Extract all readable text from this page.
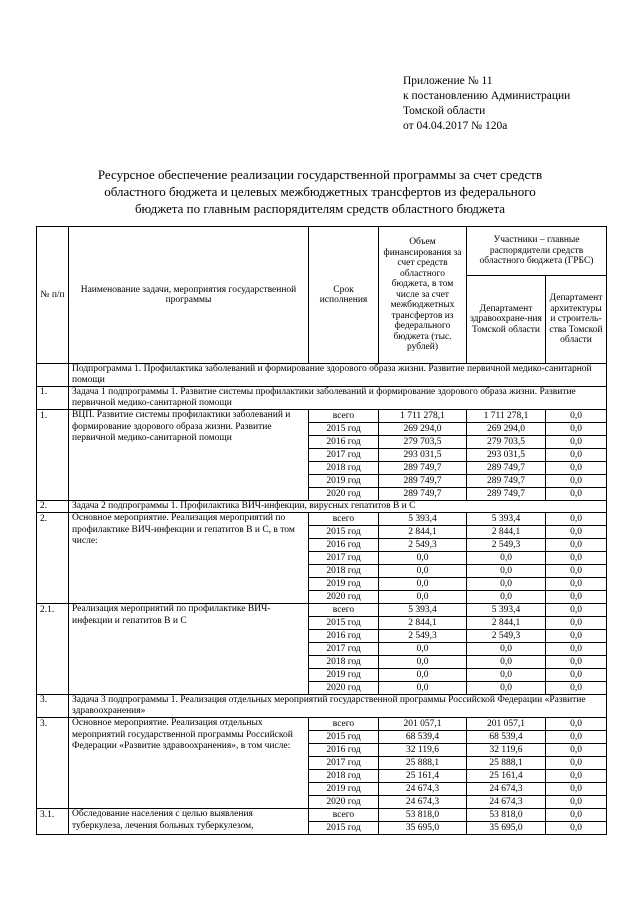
Приложение № 11
к постановлению Администрации
Томской области
от 04.04.2017 № 120а
Ресурсное обеспечение реализации государственной программы за счет средств
областного бюджета и целевых межбюджетных трансфертов из федерального
бюджета по главным распорядителям средств областного бюджета
№ п/п	Наименование задачи, мероприятия государственной программы	Срок исполнения	Объем финансирования за счет средств областного бюджета, в том числе за счет межбюджетных трансфертов из федерального бюджета (тыс. рублей)	Участники – главные распорядители средств областного бюджета (ГРБС)	
				Департамент здравоохране-ния Томской области	Департамент архитектуры и строитель-ства Томской области
	Подпрограмма 1. Профилактика заболеваний и формирование здорового образа жизни. Развитие первичной медико-санитарной помощи				
1.	Задача 1 подпрограммы 1. Развитие системы профилактики заболеваний и формирование здорового образа жизни. Развитие первичной медико-санитарной помощи				
1.	ВЦП. Развитие системы профилактики заболеваний и формирование здорового образа жизни. Развитие первичной медико-санитарной помощи	всего	1 711 278,1	1 711 278,1	0,0
		2015 год	269 294,0	269 294,0	0,0
		2016 год	279 703,5	279 703,5	0,0
		2017 год	293 031,5	293 031,5	0,0
		2018 год	289 749,7	289 749,7	0,0
		2019 год	289 749,7	289 749,7	0,0
		2020 год	289 749,7	289 749,7	0,0
2.	Задача 2 подпрограммы 1. Профилактика ВИЧ-инфекции, вирусных гепатитов В и С				
2.	Основное мероприятие. Реализация мероприятий по профилактике ВИЧ-инфекции и гепатитов В и С, в том числе:	всего	5 393,4	5 393,4	0,0
		2015 год	2 844,1	2 844,1	0,0
		2016 год	2 549,3	2 549,3	0,0
		2017 год	0,0	0,0	0,0
		2018 год	0,0	0,0	0,0
		2019 год	0,0	0,0	0,0
		2020 год	0,0	0,0	0,0
2.1.	Реализация мероприятий по профилактике ВИЧ-инфекции и гепатитов В и С	всего	5 393,4	5 393,4	0,0
		2015 год	2 844,1	2 844,1	0,0
		2016 год	2 549,3	2 549,3	0,0
		2017 год	0,0	0,0	0,0
		2018 год	0,0	0,0	0,0
		2019 год	0,0	0,0	0,0
		2020 год	0,0	0,0	0,0
3.	Задача 3 подпрограммы 1. Реализация отдельных мероприятий государственной программы Российской Федерации «Развитие здравоохранения»				
3.	Основное мероприятие. Реализация отдельных мероприятий государственной программы Российской Федерации «Развитие здравоохранения», в том числе:	всего	201 057,1	201 057,1	0,0
		2015 год	68 539,4	68 539,4	0,0
		2016 год	32 119,6	32 119,6	0,0
		2017 год	25 888,1	25 888,1	0,0
		2018 год	25 161,4	25 161,4	0,0
		2019 год	24 674,3	24 674,3	0,0
		2020 год	24 674,3	24 674,3	0,0
3.1.	Обследование населения с целью выявления туберкулеза, лечения больных туберкулезом,	всего	53 818,0	53 818,0	0,0
		2015 год	35 695,0	35 695,0	0,0
